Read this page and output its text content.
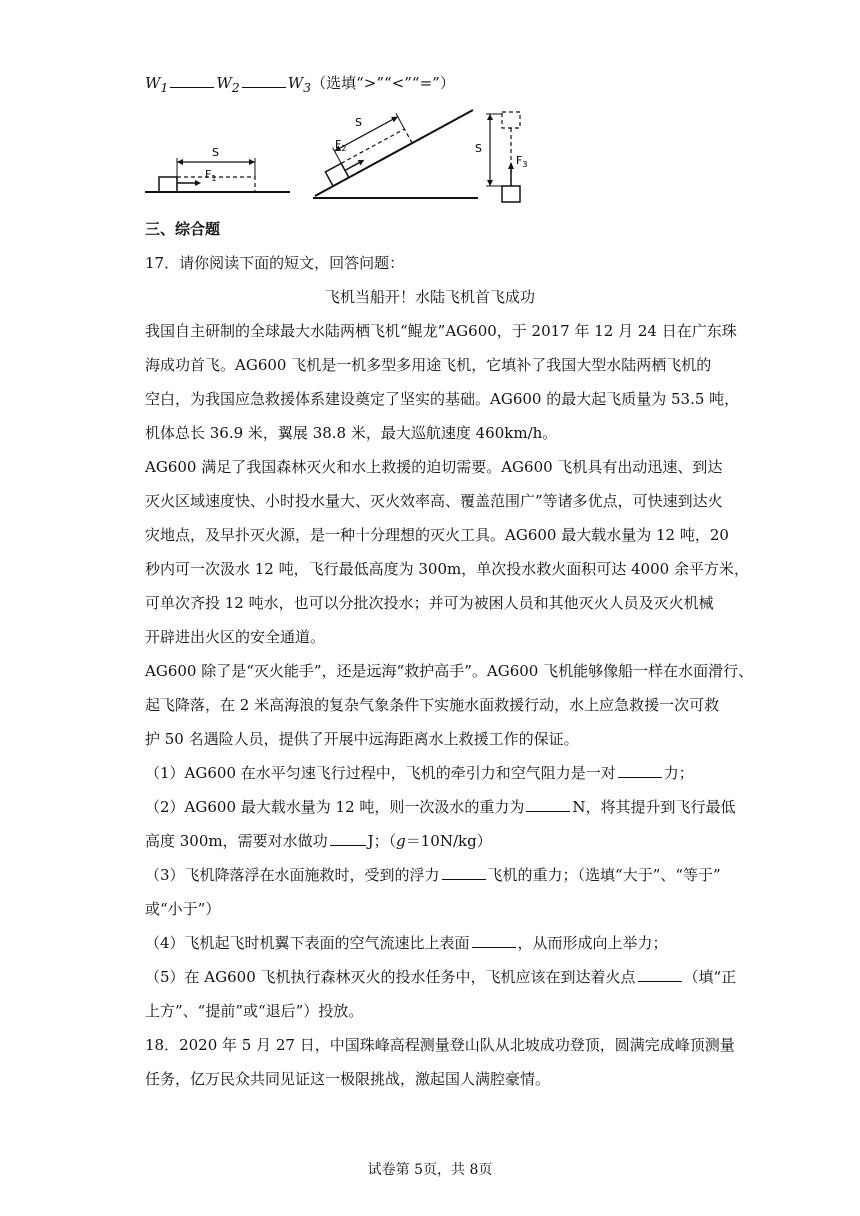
$W_1$	$W_2$	$W_3$（选填“>”“<”“=”）
S
$F_1$
S
$F_2$	S
$F_3$
三、综合题
17．请你阅读下面的短文，回答问题：
飞机当船开！水陆飞机首飞成功
我国自主研制的全球最大水陆两栖飞机“鲲龙”AG600，于 2017 年 12 月 24 日在广东珠
海成功首飞。AG600 飞机是一机多型多用途飞机，它填补了我国大型水陆两栖飞机的
空白，为我国应急救援体系建设奠定了坚实的基础。AG600 的最大起飞质量为 53.5 吨，
机体总长 36.9 米，翼展 38.8 米，最大巡航速度 460km/h。
AG600 满足了我国森林灭火和水上救援的迫切需要。AG600 飞机具有出动迅速、到达
灭火区域速度快、小时投水量大、灭火效率高、覆盖范围广”等诸多优点，可快速到达火
灾地点，及早扑灭火源，是一种十分理想的灭火工具。AG600 最大载水量为 12 吨，20
秒内可一次汲水 12 吨，飞行最低高度为 300m，单次投水救火面积可达 4000 余平方米，
可单次齐投 12 吨水，也可以分批次投水；并可为被困人员和其他灭火人员及灭火机械
开辟进出火区的安全通道。
AG600 除了是“灭火能手”，还是远海“救护高手”。AG600 飞机能够像船一样在水面滑行、
起飞降落，在 2 米高海浪的复杂气象条件下实施水面救援行动，水上应急救援一次可救
护 50 名遇险人员，提供了开展中远海距离水上救援工作的保证。
（1）AG600 在水平匀速飞行过程中，飞机的牵引力和空气阻力是一对	力；
（2）AG600 最大载水量为 12 吨，则一次汲水的重力为	N，将其提升到飞行最低
高度 300m，需要对水做功	J；（g＝10N/kg）
（3）飞机降落浮在水面施救时，受到的浮力	飞机的重力；（选填“大于”、“等于”
或“小于”）
（4）飞机起飞时机翼下表面的空气流速比上表面	，从而形成向上举力；
（5）在 AG600 飞机执行森林灭火的投水任务中，飞机应该在到达着火点	（填“正
上方”、“提前”或“退后”）投放。
18．2020 年 5 月 27 日，中国珠峰高程测量登山队从北坡成功登顶，圆满完成峰顶测量
任务，亿万民众共同见证这一极限挑战，激起国人满腔豪情。
试卷第 5页，共 8页
